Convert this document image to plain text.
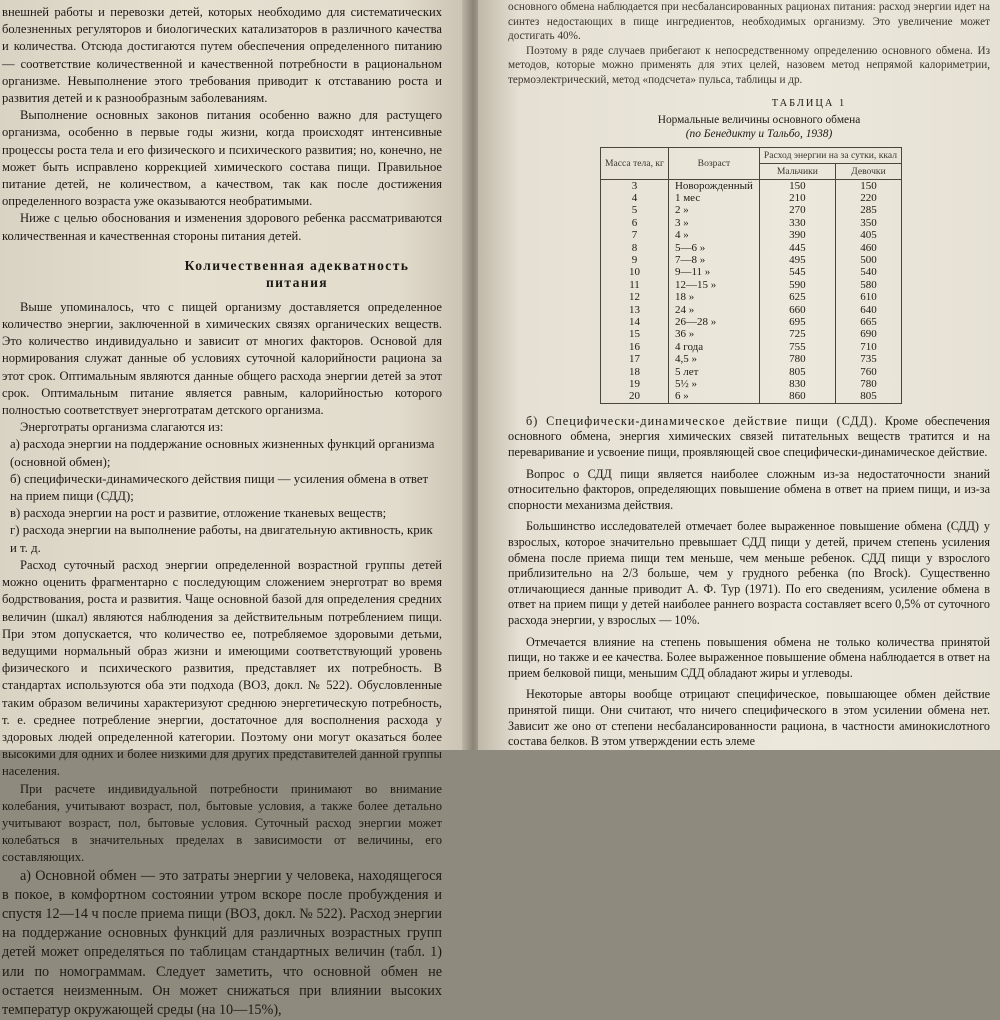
внешней работы и перевозки детей, которых необходимо для систематических болезненных регуляторов и биологических катализаторов в различного качества и количества. Отсюда достигаются путем обеспечения определенного питанию — соответствие количественной и качественной потребности в рациональном организме. Невыполнение этого требования приводит к отставанию роста и развития детей и к разнообразным заболеваниям.

Выполнение основных законов питания особенно важно для растущего организма, особенно в первые годы жизни, когда происходят интенсивные процессы роста тела и его физического и психического развития; но, конечно, не может быть исправлено коррекцией химического состава пищи. Правильное питание детей, не количеством, а качеством, так как после достижения определенного возраста уже оказываются необратимыми.

Ниже с целью обоснования и изменения здорового ребенка рассматриваются количественная и качественная стороны питания детей.

Количественная адекватность питания

Выше упоминалось, что с пищей организму доставляется определенное количество энергии, заключенной в химических связях органических веществ. Это количество индивидуально и зависит от многих факторов. Основой для нормирования служат данные об условиях суточной калорийности рациона за этот срок. Оптимальным являются данные общего расхода энергии детей за этот срок. Оптимальным питание является равным, калорийностью которого полностью соответствует энерготратам детского организма.

Энерготраты организма слагаются из:

а) расхода энергии на поддержание основных жизненных функций организма (основной обмен);
б) специфически-динамического действия пищи — усиления обмена в ответ на прием пищи (СДД);
в) расхода энергии на рост и развитие, отложение тканевых веществ;
г) расхода энергии на выполнение работы, на двигательную активность, крик и т. д.

Расход суточный расход энергии определенной возрастной группы детей можно оценить фрагментарно с последующим сложением энерготрат во время бодрствования, роста и развития. Чаще основной базой для определения средних величин (шкал) являются наблюдения за действительным потреблением пищи. При этом допускается, что количество ее, потребляемое здоровыми детьми, ведущими нормальный образ жизни и имеющими соответствующий уровень физического и психического развития, представляет их потребность. В стандартах используются оба эти подхода (ВОЗ, докл. № 522). Обусловленные таким образом величины характеризуют среднюю энергетическую потребность, т. е. среднее потребление энергии, достаточное для восполнения расхода у здоровых людей определенной категории. Поэтому они могут оказаться более высокими для одних и более низкими для других представителей данной группы населения.

При расчете индивидуальной потребности принимают во внимание колебания, учитывают возраст, пол, бытовые условия, а также более детально учитывают возраст, пол, бытовые условия. Суточный расход энергии может колебаться в значительных пределах в зависимости от величины, его составляющих.

а) Основной обмен — это затраты энергии у человека, находящегося в покое, в комфортном состоянии утром вскоре после пробуждения и спустя 12—14 ч после приема пищи (ВОЗ, докл. № 522). Расход энергии на поддержание основных функций для различных возрастных групп детей может определяться по таблицам стандартных величин (табл. 1) или по номограммам. Следует заметить, что основной обмен не остается неизменным. Он может снижаться при влиянии высоких температур окружающей среды (на 10—15%),

основного обмена наблюдается при несбалансированных рационах питания: расход энергии идет на синтез недостающих в пище ингредиентов, необходимых организму. Это увеличение может достигать 40%.

Поэтому в ряде случаев прибегают к непосредственному определению основного обмена. Из методов, которые можно применять для этих целей, назовем метод непрямой калориметрии, термоэлектрический, метод «подсчета» пульса, таблицы и др.

ТАБЛИЦА 1
Нормальные величины основного обмена
(по Бенедикту и Тальбо, 1938)
Масса тела, кг	Возраст	Расход энергии на за сутки, ккал	
		Мальчики	Девочки
3	Новорожденный	150	150
4	1 мес	210	220
5	2 »	270	285
6	3 »	330	350
7	4 »	390	405
8	5—6 »	445	460
9	7—8 »	495	500
10	9—11 »	545	540
11	12—15 »	590	580
12	18 »	625	610
13	24 »	660	640
14	26—28 »	695	665
15	36 »	725	690
16	4 года	755	710
17	4,5 »	780	735
18	5 лет	805	760
19	5½ »	830	780
20	6 »	860	805

б) Специфически-динамическое действие пищи (СДД). Кроме обеспечения основного обмена, энергия химических связей питательных веществ тратится и на переваривание и усвоение пищи, проявляющей свое специфически-динамическое действие.

Вопрос о СДД пищи является наиболее сложным из-за недостаточности знаний относительно факторов, определяющих повышение обмена в ответ на прием пищи, и из-за спорности механизма действия.

Большинство исследователей отмечает более выраженное повышение обмена (СДД) у взрослых, которое значительно превышает СДД пищи у детей, причем степень усиления обмена после приема пищи тем меньше, чем меньше ребенок. СДД пищи у взрослого приблизительно на 2/3 больше, чем у грудного ребенка (по Brock). Существенно отличающиеся данные приводит А. Ф. Тур (1971). По его сведениям, усиление обмена в ответ на прием пищи у детей наиболее раннего возраста составляет всего 0,5% от суточного расхода энергии, у взрослых — 10%.

Отмечается влияние на степень повышения обмена не только количества принятой пищи, но также и ее качества. Более выраженное повышение обмена наблюдается в ответ на прием белковой пищи, меньшим СДД обладают жиры и углеводы.

Некоторые авторы вообще отрицают специфическое, повышающее обмен действие принятой пищи. Они считают, что ничего специфического в этом усилении обмена нет. Зависит же оно от степени несбалансированности рациона, в частности аминокислотного состава белков. В этом утверждении есть элеме
